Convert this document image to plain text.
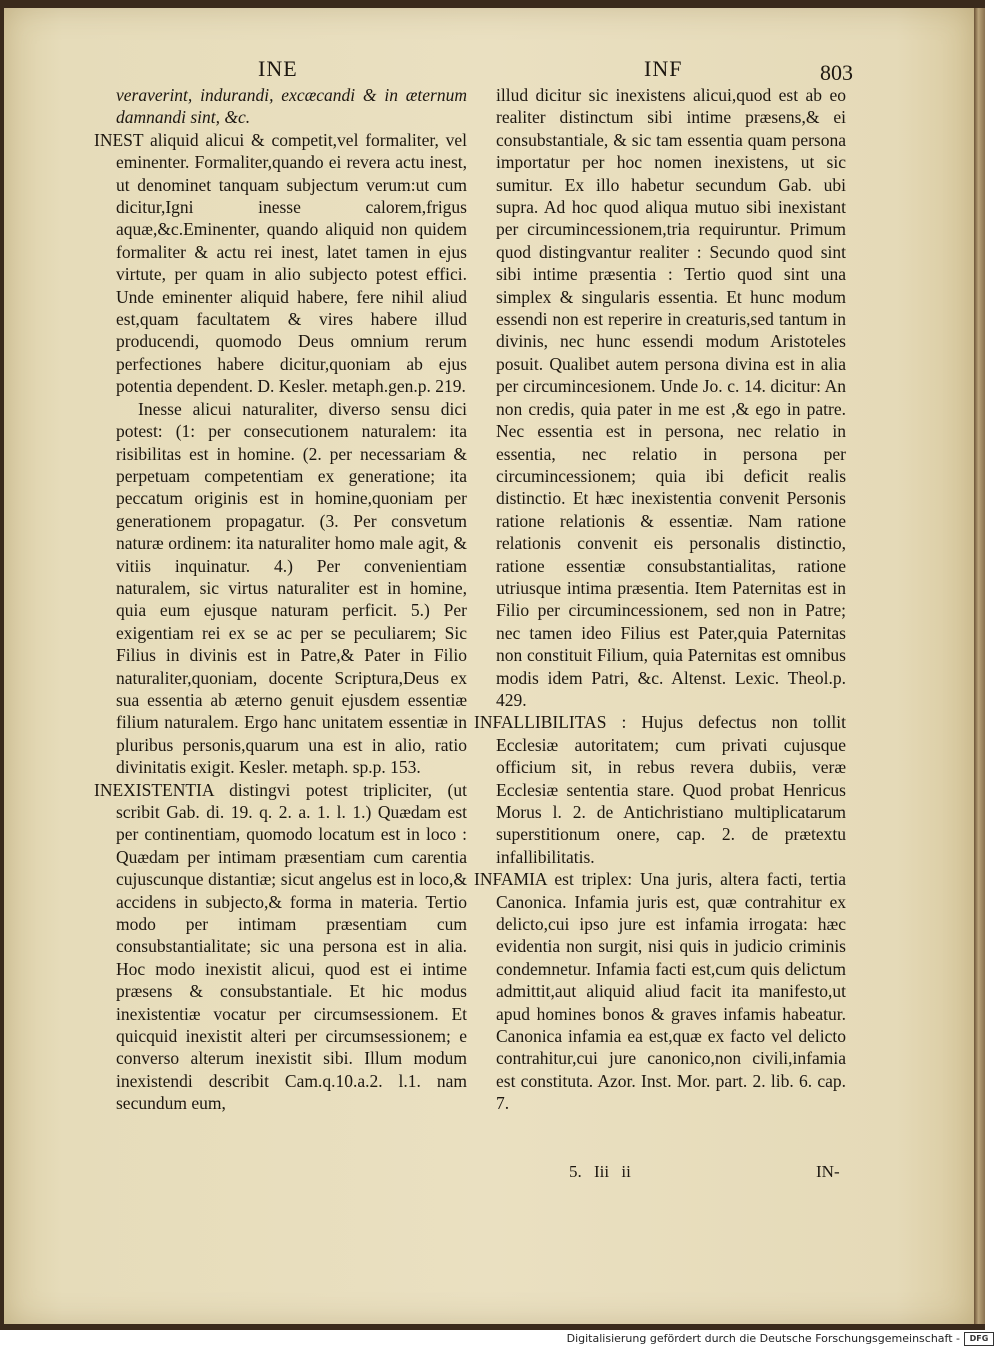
INE	INF	803

veraverint, indurandi, excæcandi & in æternum damnandi sint, &c.

INEST aliquid alicui & competit,vel formaliter, vel eminenter. Formaliter,quando ei revera actu inest, ut denominet tanquam subjectum verum:ut cum dicitur,Igni inesse calorem,frigus aquæ,&c.Eminenter, quando aliquid non quidem formaliter & actu rei inest, latet tamen in ejus virtute, per quam in alio subjecto potest effici. Unde eminenter aliquid habere, fere nihil aliud est,quam facultatem & vires habere illud producendi, quomodo Deus omnium rerum perfectiones habere dicitur,quoniam ab ejus potentia dependent. D. Kesler. metaph.gen.p. 219.

Inesse alicui naturaliter, diverso sensu dici potest: (1: per consecutionem naturalem: ita risibilitas est in homine. (2. per necessariam & perpetuam competentiam ex generatione; ita peccatum originis est in homine,quoniam per generationem propagatur. (3. Per consvetum naturæ ordinem: ita naturaliter homo male agit, & vitiis inquinatur. 4.) Per convenientiam naturalem, sic virtus naturaliter est in homine, quia eum ejusque naturam perficit. 5.) Per exigentiam rei ex se ac per se peculiarem; Sic Filius in divinis est in Patre,& Pater in Filio naturaliter,quoniam, docente Scriptura,Deus ex sua essentia ab æterno genuit ejusdem essentiæ filium naturalem. Ergo hanc unitatem essentiæ in pluribus personis,quarum una est in alio, ratio divinitatis exigit. Kesler. metaph. sp.p. 153.

INEXISTENTIA distingvi potest tripliciter, (ut scribit Gab. di. 19. q. 2. a. 1. l. 1.) Quædam est per continentiam, quomodo locatum est in loco : Quædam per intimam præsentiam cum carentia cujuscunque distantiæ; sicut angelus est in loco,& accidens in subjecto,& forma in materia. Tertio modo per intimam præsentiam cum consubstantialitate; sic una persona est in alia. Hoc modo inexistit alicui, quod est ei intime præsens & consubstantiale. Et hic modus inexistentiæ vocatur per circumsessionem. Et quicquid inexistit alteri per circumsessionem; e converso alterum inexistit sibi. Illum modum inexistendi describit Cam.q.10.a.2. l.1. nam secundum eum,

illud dicitur sic inexistens alicui,quod est ab eo realiter distinctum sibi intime præsens,& ei consubstantiale, & sic tam essentia quam persona importatur per hoc nomen inexistens, ut sic sumitur. Ex illo habetur secundum Gab. ubi supra. Ad hoc quod aliqua mutuo sibi inexistant per circumincessionem,tria requiruntur. Primum quod distingvantur realiter : Secundo quod sint sibi intime præsentia : Tertio quod sint una simplex & singularis essentia. Et hunc modum essendi non est reperire in creaturis,sed tantum in divinis, nec hunc essendi modum Aristoteles posuit. Qualibet autem persona divina est in alia per circumincesionem. Unde Jo. c. 14. dicitur: An non credis, quia pater in me est ,& ego in patre. Nec essentia est in persona, nec relatio in essentia, nec relatio in persona per circumincessionem; quia ibi deficit realis distinctio. Et hæc inexistentia convenit Personis ratione relationis & essentiæ. Nam ratione relationis convenit eis personalis distinctio, ratione essentiæ consubstantialitas, ratione utriusque intima præsentia. Item Paternitas est in Filio per circumincessionem, sed non in Patre; nec tamen ideo Filius est Pater,quia Paternitas non constituit Filium, quia Paternitas est omnibus modis idem Patri, &c. Altenst. Lexic. Theol.p. 429.

INFALLIBILITAS : Hujus defectus non tollit Ecclesiæ autoritatem; cum privati cujusque officium sit, in rebus revera dubiis, veræ Ecclesiæ sententia stare. Quod probat Henricus Morus l. 2. de Antichristiano multiplicatarum superstitionum onere, cap. 2. de prætextu infallibilitatis.

INFAMIA est triplex: Una juris, altera facti, tertia Canonica. Infamia juris est, quæ contrahitur ex delicto,cui ipso jure est infamia irrogata: hæc evidentia non surgit, nisi quis in judicio criminis condemnetur. Infamia facti est,cum quis delictum admittit,aut aliquid aliud facit ita manifesto,ut apud homines bonos & graves infamis habeatur. Canonica infamia ea est,quæ ex facto vel delicto contrahitur,cui jure canonico,non civili,infamia est constituta. Azor. Inst. Mor. part. 2. lib. 6. cap. 7.

5. Iii ii	IN-
Digitalisierung gefördert durch die Deutsche Forschungsgemeinschaft -	DFG
